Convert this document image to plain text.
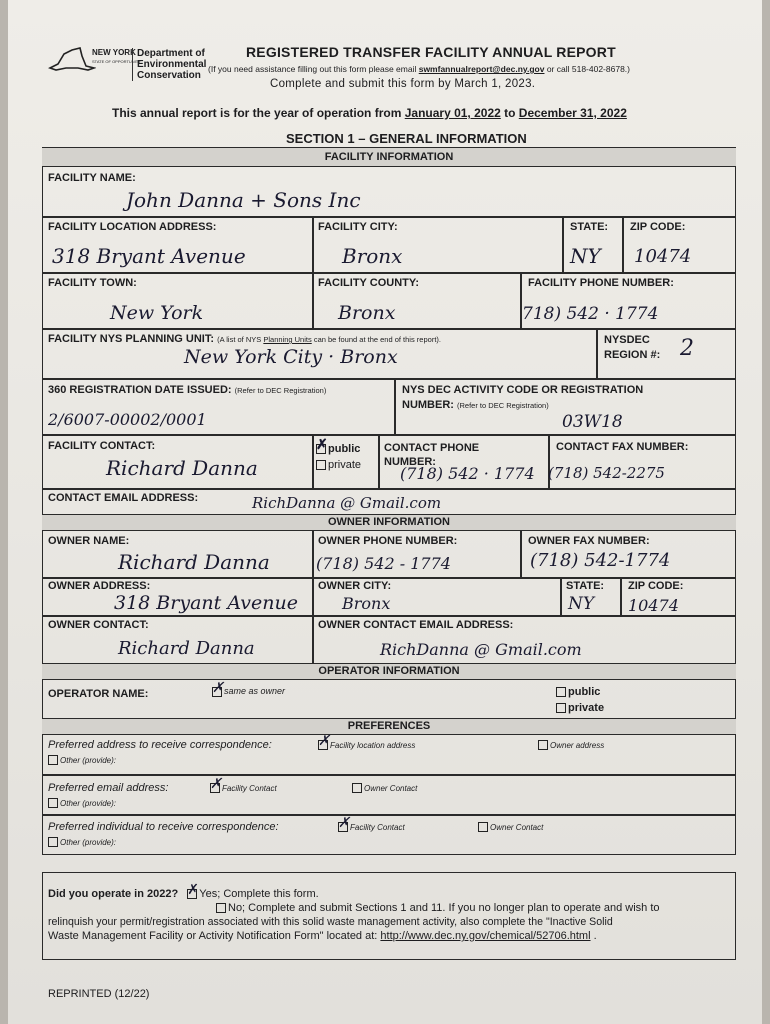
NEW YORK
STATE OF OPPORTUNITY
Department of
Environmental
Conservation
REGISTERED TRANSFER FACILITY ANNUAL REPORT
(If you need assistance filling out this form please email swmfannualreport@dec.ny.gov or call 518-402-8678.)
Complete and submit this form by March 1, 2023.
This annual report is for the year of operation from January 01, 2022 to December 31, 2022
SECTION 1 – GENERAL INFORMATION
FACILITY INFORMATION
FACILITY NAME:
John Danna + Sons Inc
FACILITY LOCATION ADDRESS:
318 Bryant Avenue
FACILITY CITY:
Bronx
STATE:
NY
ZIP CODE:
10474
FACILITY TOWN:
New York
FACILITY COUNTY:
Bronx
FACILITY PHONE NUMBER:
718) 542 · 1774
FACILITY NYS PLANNING UNIT: (A list of NYS Planning Units can be found at the end of this report).
New York City · Bronx
NYSDEC
REGION #: 2
360 REGISTRATION DATE ISSUED: (Refer to DEC Registration)
2/6007-00002/0001
NYS DEC ACTIVITY CODE OR REGISTRATION
NUMBER: (Refer to DEC Registration)
03W18
FACILITY CONTACT:
Richard Danna
✗public
private
CONTACT PHONE
NUMBER:
(718) 542 · 1774
CONTACT FAX NUMBER:
(718) 542-2275
CONTACT EMAIL ADDRESS:	RichDanna @ Gmail.com
OWNER INFORMATION
OWNER NAME:
Richard Danna
OWNER PHONE NUMBER:
(718) 542 - 1774
OWNER FAX NUMBER:
(718) 542-1774
OWNER ADDRESS:
318 Bryant Avenue
OWNER CITY:
Bronx
STATE:
NY
ZIP CODE:
10474
OWNER CONTACT:
Richard Danna
OWNER CONTACT EMAIL ADDRESS:
RichDanna @ Gmail.com
OPERATOR INFORMATION
OPERATOR NAME: ✗	same as owner	public
private
PREFERENCES
Preferred address to receive correspondence: ✗	Facility location address	Owner address
Other (provide):
Preferred email address: ✗	Facility Contact	Owner Contact
Other (provide):
Preferred individual to receive correspondence: ✗	Facility Contact	Owner Contact
Other (provide):
Did you operate in 2022? ✗ Yes; Complete this form.
No; Complete and submit Sections 1 and 11. If you no longer plan to operate and wish to
relinquish your permit/registration associated with this solid waste management activity, also complete the "Inactive Solid
Waste Management Facility or Activity Notification Form" located at: http://www.dec.ny.gov/chemical/52706.html .
REPRINTED (12/22)
